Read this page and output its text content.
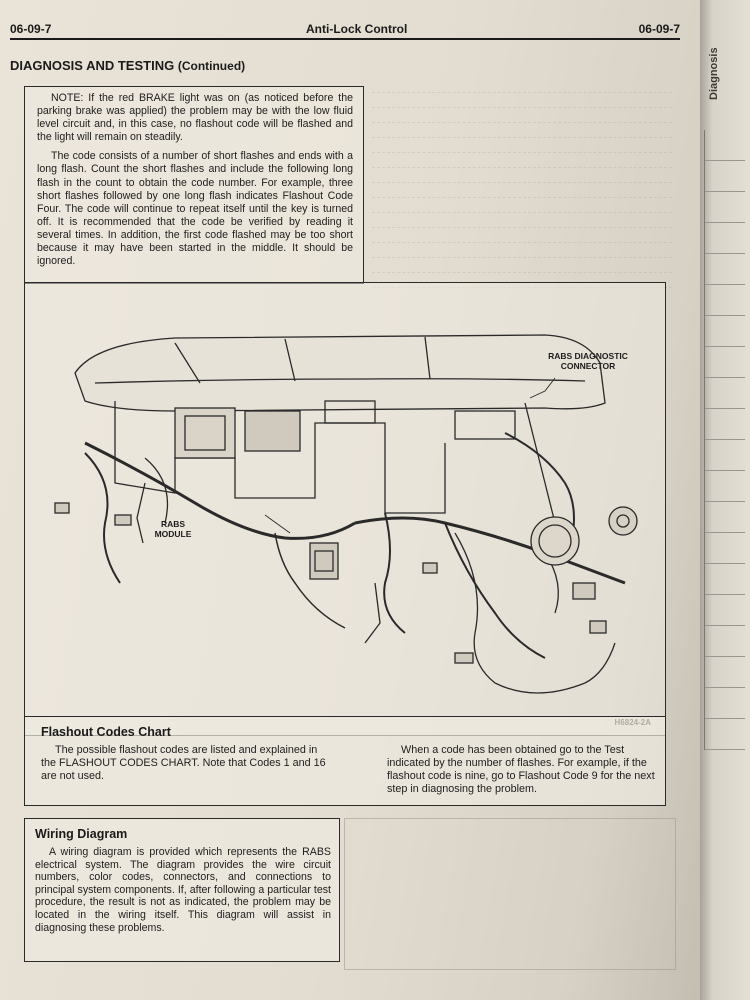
06-09-7	Anti-Lock Control	06-09-7
DIAGNOSIS AND TESTING (Continued)

NOTE: If the red BRAKE light was on (as noticed before the parking brake was applied) the problem may be with the low fluid level circuit and, in this case, no flashout code will be flashed and the light will remain on steadily.

The code consists of a number of short flashes and ends with a long flash. Count the short flashes and include the following long flash in the count to obtain the code number. For example, three short flashes followed by one long flash indicates Flashout Code Four. The code will continue to repeat itself until the key is turned off. It is recommended that the code be verified by reading it several times. In addition, the first code flashed may be too short because it may have been started in the middle. It should be ignored.

RABS DIAGNOSTIC
CONNECTOR
RABS
MODULE
Flashout Codes Chart
The possible flashout codes are listed and explained in the FLASHOUT CODES CHART. Note that Codes 1 and 16 are not used.
When a code has been obtained go to the Test indicated by the number of flashes. For example, if the flashout code is nine, go to Flashout Code 9 for the next step in diagnosing the problem.
Wiring Diagram
A wiring diagram is provided which represents the RABS electrical system. The diagram provides the wire circuit numbers, color codes, connectors, and connections to principal system components. If, after following a particular test procedure, the result is not as indicated, the problem may be located in the wiring itself. This diagram will assist in diagnosing these problems.
Diagnosis
